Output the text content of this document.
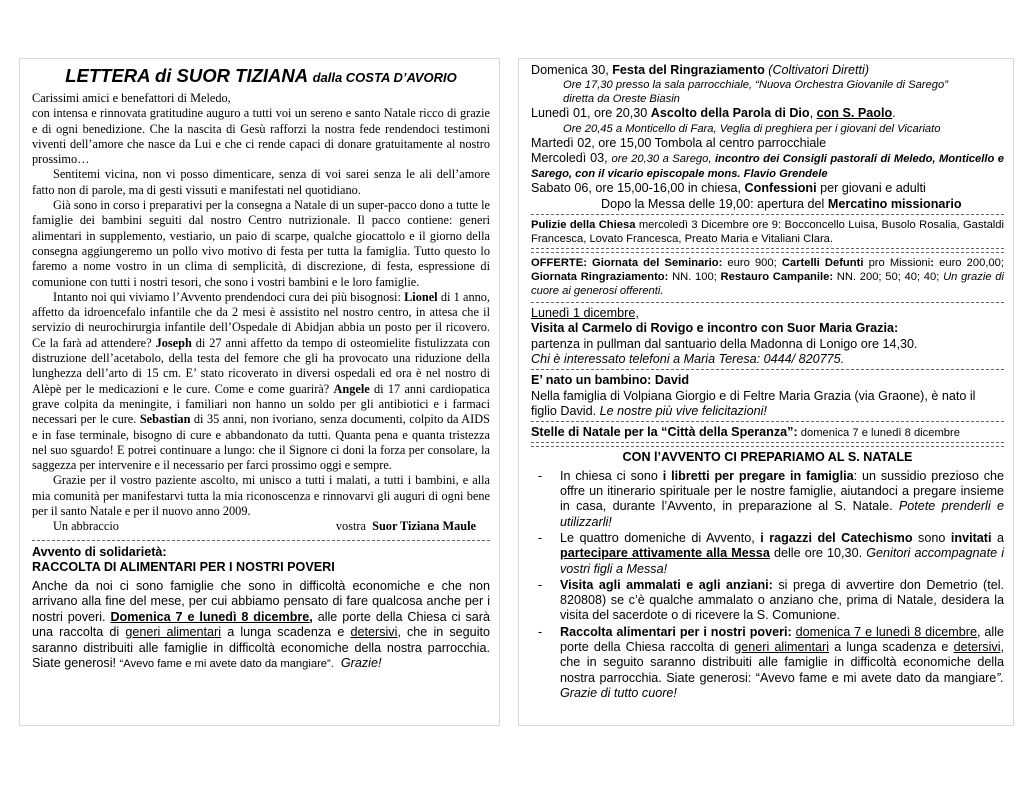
LETTERA di SUOR TIZIANA dalla COSTA D’AVORIO

Carissimi amici e benefattori di Meledo,

con intensa e rinnovata gratitudine auguro a tutti voi un sereno e santo Natale ricco di grazie e di ogni benedizione. Che la nascita di Gesù rafforzi la nostra fede rendendoci testimoni viventi dell’amore che nasce da Lui e che ci rende capaci di donare gratuitamente al nostro prossimo…

Sentitemi vicina, non vi posso dimenticare, senza di voi sarei senza le ali dell’amore fatto non di parole, ma di gesti vissuti e manifestati nel quotidiano.

Già sono in corso i preparativi per la consegna a Natale di un super-pacco dono a tutte le famiglie dei bambini seguiti dal nostro Centro nutrizionale. Il pacco contiene: generi alimentari in supplemento, vestiario, un paio di scarpe, qualche giocattolo e il giorno della consegna aggiungeremo un pollo vivo motivo di festa per tutta la famiglia. Tutto questo lo faremo a nome vostro in un clima di semplicità, di discrezione, di festa, espressione di comunione con tutti i nostri tesori, che sono i vostri bambini e le loro famiglie.

Intanto noi qui viviamo l’Avvento prendendoci cura dei più bisognosi: Lionel di 1 anno, affetto da idroencefalo infantile che da 2 mesi è assistito nel nostro centro, in attesa che il servizio di neurochirurgia infantile dell’Ospedale di Abidjan abbia un posto per il ricovero. Ce la farà ad attendere? Joseph di 27 anni affetto da tempo di osteomielite fistulizzata con distruzione dell’acetabolo, della testa del femore che gli ha provocato una riduzione della lunghezza dell’arto di 15 cm. E’ stato ricoverato in diversi ospedali ed ora è nel nostro di Alèpè per le medicazioni e le cure. Come e come guarirà? Angele di 17 anni cardiopatica grave colpita da meningite, i familiari non hanno un soldo per gli antibiotici e i farmaci necessari per le cure. Sebastian di 35 anni, non ivoriano, senza documenti, colpito da AIDS e in fase terminale, bisogno di cure e abbandonato da tutti. Quanta pena e quanta tristezza nel suo sguardo! E potrei continuare a lungo: che il Signore ci doni la forza per consolare, la saggezza per intervenire e il necessario per farci prossimo oggi e sempre.

Grazie per il vostro paziente ascolto, mi unisco a tutti i malati, a tutti i bambini, e alla mia comunità per manifestarvi tutta la mia riconoscenza e rinnovarvi gli auguri di ogni bene per il santo Natale e per il nuovo anno 2009.

Un abbraccio	vostra Suor Tiziana Maule
Avvento di solidarietà:
RACCOLTA DI ALIMENTARI PER I NOSTRI POVERI

Anche da noi ci sono famiglie che sono in difficoltà economiche e che non arrivano alla fine del mese, per cui abbiamo pensato di fare qualcosa anche per i nostri poveri. Domenica 7 e lunedì 8 dicembre, alle porte della Chiesa ci sarà una raccolta di generi alimentari a lunga scadenza e detersivi, che in seguito saranno distribuiti alle famiglie in difficoltà economiche della nostra parrocchia. Siate generosi! “Avevo fame e mi avete dato da mangiare”. Grazie!

Domenica 30, Festa del Ringraziamento (Coltivatori Diretti)
Ore 17,30 presso la sala parrocchiale, “Nuova Orchestra Giovanile di Sarego”
diretta da Oreste Biasin
Lunedì 01, ore 20,30 Ascolto della Parola di Dio, con S. Paolo.
Ore 20,45 a Monticello di Fara, Veglia di preghiera per i giovani del Vicariato
Martedì 02, ore 15,00 Tombola al centro parrocchiale
Mercoledì 03, ore 20,30 a Sarego, incontro dei Consigli pastorali di Meledo, Monticello e Sarego, con il vicario episcopale mons. Flavio Grendele
Sabato 06, ore 15,00-16,00 in chiesa, Confessioni per giovani e adulti
Dopo la Messa delle 19,00: apertura del Mercatino missionario
Pulizie della Chiesa mercoledì 3 Dicembre ore 9: Bocconcello Luisa, Busolo Rosalia, Gastaldi Francesca, Lovato Francesca, Preato Maria e Vitaliani Clara.
OFFERTE: Giornata del Seminario: euro 900; Cartelli Defunti pro Missioni: euro 200,00; Giornata Ringraziamento: NN. 100; Restauro Campanile: NN. 200; 50; 40; 40; Un grazie di cuore ai generosi offerenti.
Lunedì 1 dicembre,
Visita al Carmelo di Rovigo e incontro con Suor Maria Grazia:
partenza in pullman dal santuario della Madonna di Lonigo ore 14,30.
Chi è interessato telefoni a Maria Teresa: 0444/ 820775.
E’ nato un bambino: David
Nella famiglia di Volpiana Giorgio e di Feltre Maria Grazia (via Graone), è nato il figlio David. Le nostre più vive felicitazioni!
Stelle di Natale per la “Città della Speranza”: domenica 7 e lunedì 8 dicembre
CON l’AVVENTO CI PREPARIAMO AL S. NATALE
- In chiesa ci sono i libretti per pregare in famiglia: un sussidio prezioso che offre un itinerario spirituale per le nostre famiglie, aiutandoci a pregare insieme in casa, durante l’Avvento, in preparazione al S. Natale. Potete prenderli e utilizzarli!
- Le quattro domeniche di Avvento, i ragazzi del Catechismo sono invitati a partecipare attivamente alla Messa delle ore 10,30. Genitori accompagnate i vostri figli a Messa!
- Visita agli ammalati e agli anziani: si prega di avvertire don Demetrio (tel. 820808) se c’è qualche ammalato o anziano che, prima di Natale, desidera la visita del sacerdote o di ricevere la S. Comunione.
- Raccolta alimentari per i nostri poveri: domenica 7 e lunedì 8 dicembre, alle porte della Chiesa raccolta di generi alimentari a lunga scadenza e detersivi, che in seguito saranno distribuiti alle famiglie in difficoltà economiche della nostra parrocchia. Siate generosi: “Avevo fame e mi avete dato da mangiare”. Grazie di tutto cuore!
